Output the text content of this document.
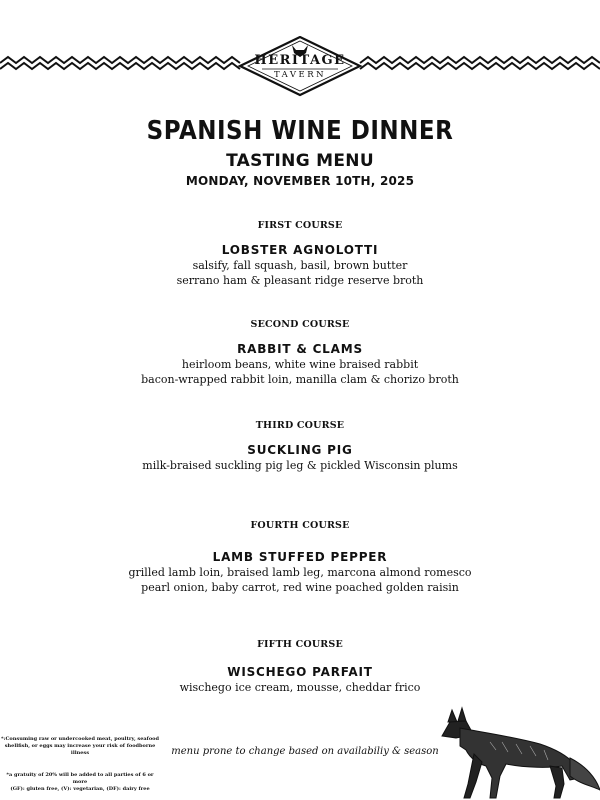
HERITAGE
TAVERN
SPANISH WINE DINNER
TASTING MENU
MONDAY, NOVEMBER 10TH, 2025
FIRST COURSE
LOBSTER AGNOLOTTI
salsify, fall squash, basil, brown butter
serrano ham & pleasant ridge reserve broth
SECOND COURSE
RABBIT & CLAMS
heirloom beans, white wine braised rabbit
bacon-wrapped rabbit loin, manilla clam & chorizo broth
THIRD COURSE
SUCKLING PIG
milk-braised suckling pig leg & pickled Wisconsin plums
FOURTH COURSE
LAMB STUFFED PEPPER
grilled lamb loin, braised lamb leg, marcona almond romesco
pearl onion, baby carrot, red wine poached golden raisin
FIFTH COURSE
WISCHEGO PARFAIT
wischego ice cream, mousse, cheddar frico
*:Consuming raw or undercooked meat, poultry, seafood shellfish, or eggs may increase your risk of foodborne illness
*a gratuity of 20% will be added to all parties of 6 or more
(GF): gluten free, (V): vegetarian, (DF): dairy free
menu prone to change based on availabiliy & season
